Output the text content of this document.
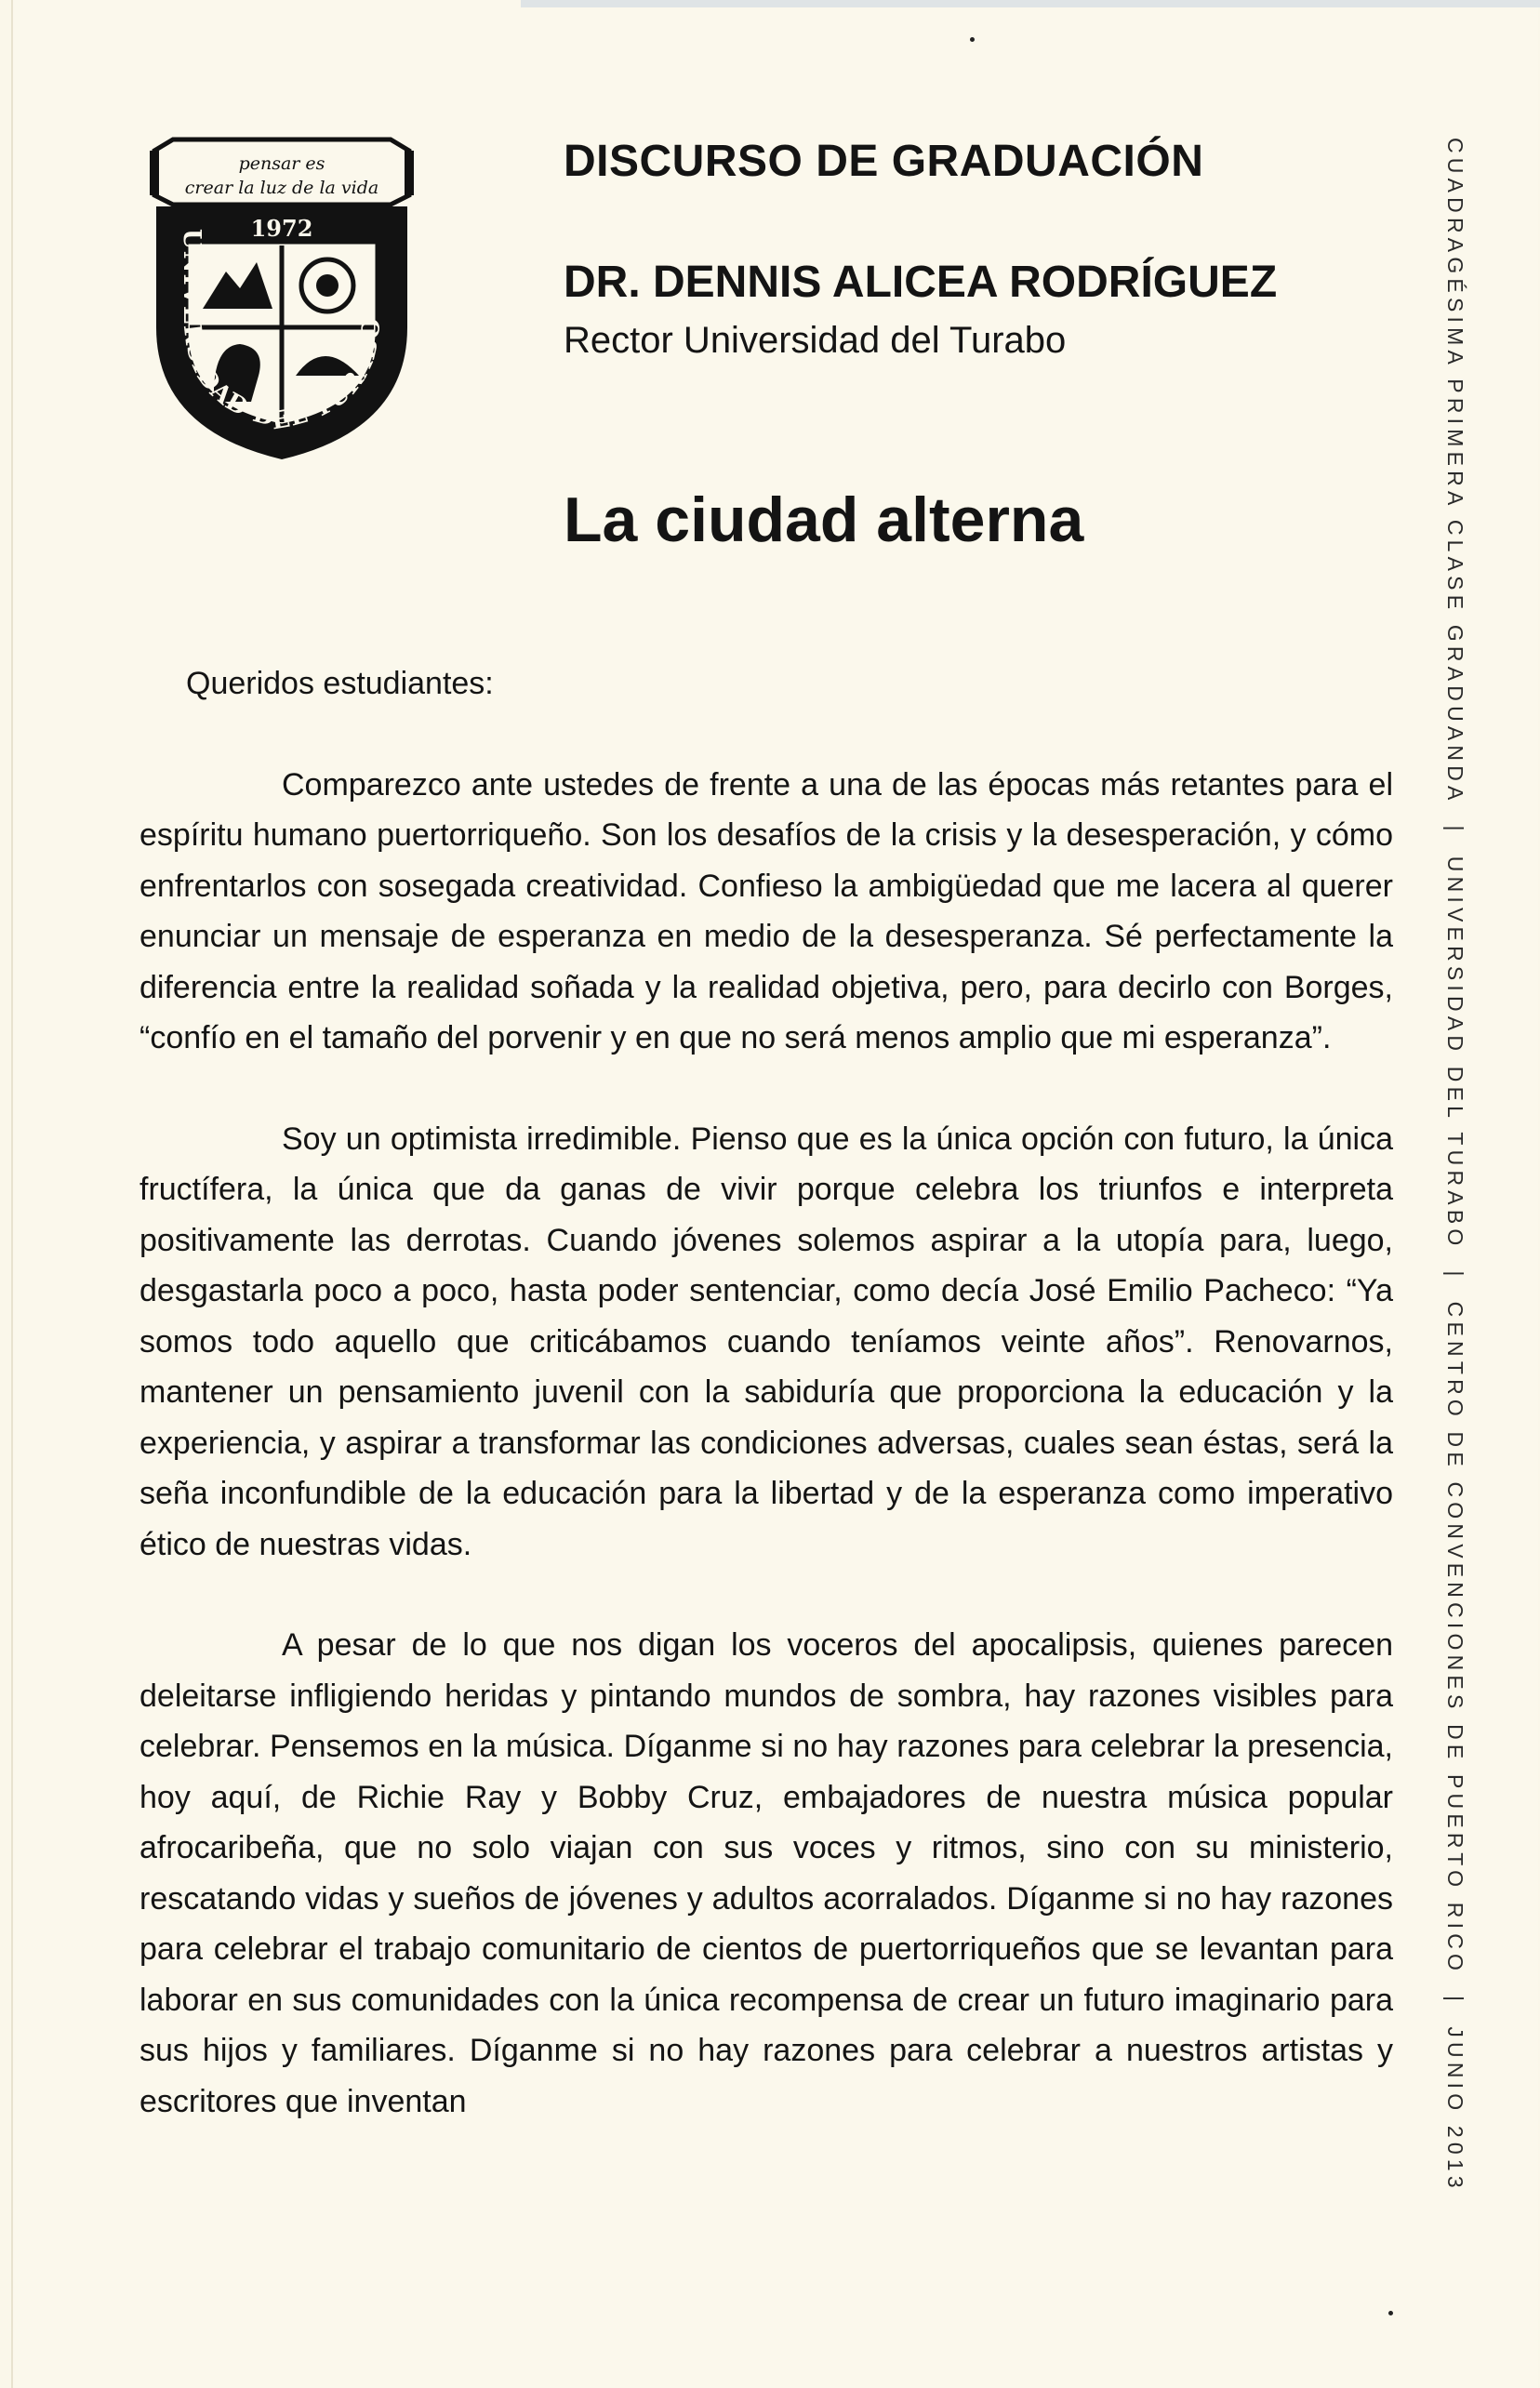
UNIVERSIDAD DEL TURABO
pensar es
crear la luz de la vida
1972
DISCURSO DE GRADUACIÓN
DR. DENNIS ALICEA RODRÍGUEZ
Rector Universidad del Turabo
La ciudad alterna

Queridos estudiantes:

Comparezco ante ustedes de frente a una de las épocas más retantes para el espíritu humano puertorriqueño. Son los desafíos de la crisis y la desesperación, y cómo enfrentarlos con sosegada creatividad. Confieso la ambigüedad que me lacera al querer enunciar un mensaje de esperanza en medio de la desesperanza. Sé perfectamente la diferencia entre la realidad soñada y la realidad objetiva, pero, para decirlo con Borges, “confío en el tamaño del porvenir y en que no será menos amplio que mi esperanza”.

Soy un optimista irredimible. Pienso que es la única opción con futuro, la única fructífera, la única que da ganas de vivir porque celebra los triunfos e interpreta positivamente las derrotas. Cuando jóvenes solemos aspirar a la utopía para, luego, desgastarla poco a poco, hasta poder sentenciar, como decía José Emilio Pacheco: “Ya somos todo aquello que criticábamos cuando teníamos veinte años”. Renovarnos, mantener un pensamiento juvenil con la sabiduría que proporciona la educación y la experiencia, y aspirar a transformar las condiciones adversas, cuales sean éstas, será la seña inconfundible de la educación para la libertad y de la esperanza como imperativo ético de nuestras vidas.

A pesar de lo que nos digan los voceros del apocalipsis, quienes parecen deleitarse infligiendo heridas y pintando mundos de sombra, hay razones visibles para celebrar. Pensemos en la música. Díganme si no hay razones para celebrar la presencia, hoy aquí, de Richie Ray y Bobby Cruz, embajadores de nuestra música popular afrocaribeña, que no solo viajan con sus voces y ritmos, sino con su ministerio, rescatando vidas y sueños de jóvenes y adultos acorralados. Díganme si no hay razones para celebrar el trabajo comunitario de cientos de puertorriqueños que se levantan para laborar en sus comunidades con la única recompensa de crear un futuro imaginario para sus hijos y familiares. Díganme si no hay razones para celebrar a nuestros artistas y escritores que inventan

CUADRAGÉSIMA PRIMERA CLASE GRADUANDA|UNIVERSIDAD DEL TURABO|CENTRO DE CONVENCIONES DE PUERTO RICO|JUNIO 2013
